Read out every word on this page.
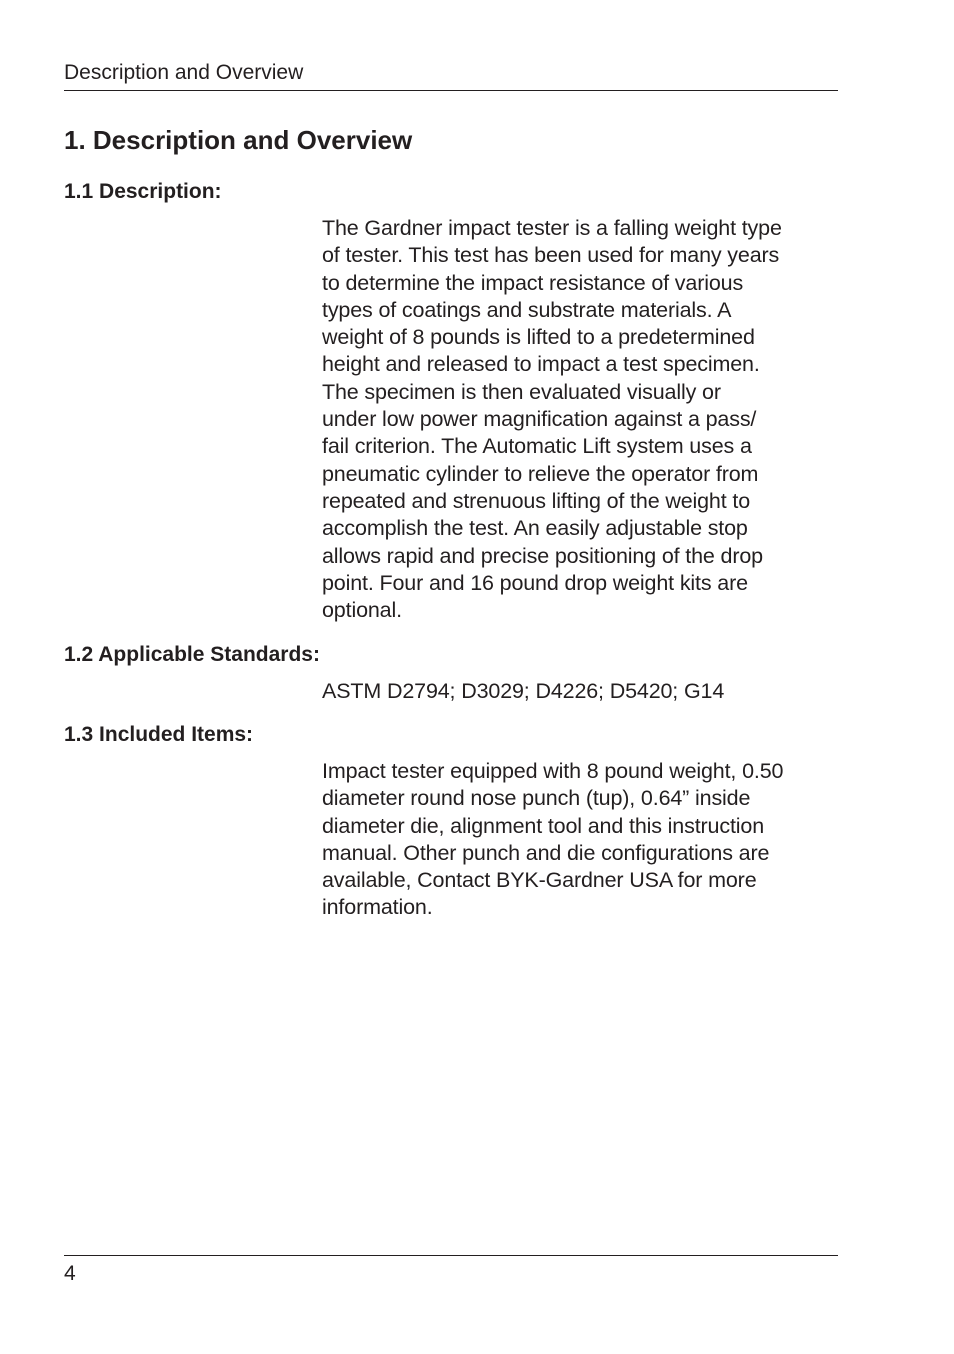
Description and Overview
1. Description and Overview
1.1 Description:
The Gardner impact tester is a falling weight type
of tester. This test has been used for many years
to determine the impact resistance of various
types of coatings and substrate materials. A
weight of 8 pounds is lifted to a predetermined
height and released to impact a test specimen.
The specimen is then evaluated visually or
under low power magnification against a pass/
fail criterion. The Automatic Lift system uses a
pneumatic cylinder to relieve the operator from
repeated and strenuous lifting of the weight to
accomplish the test. An easily adjustable stop
allows rapid and precise positioning of the drop
point. Four and 16 pound drop weight kits are
optional.
1.2 Applicable Standards:
ASTM D2794; D3029; D4226; D5420; G14
1.3 Included Items:
Impact tester equipped with 8 pound weight, 0.50
diameter round nose punch (tup), 0.64” inside
diameter die, alignment tool and this instruction
manual. Other punch and die configurations are
available, Contact BYK-Gardner USA for more
information.
4
